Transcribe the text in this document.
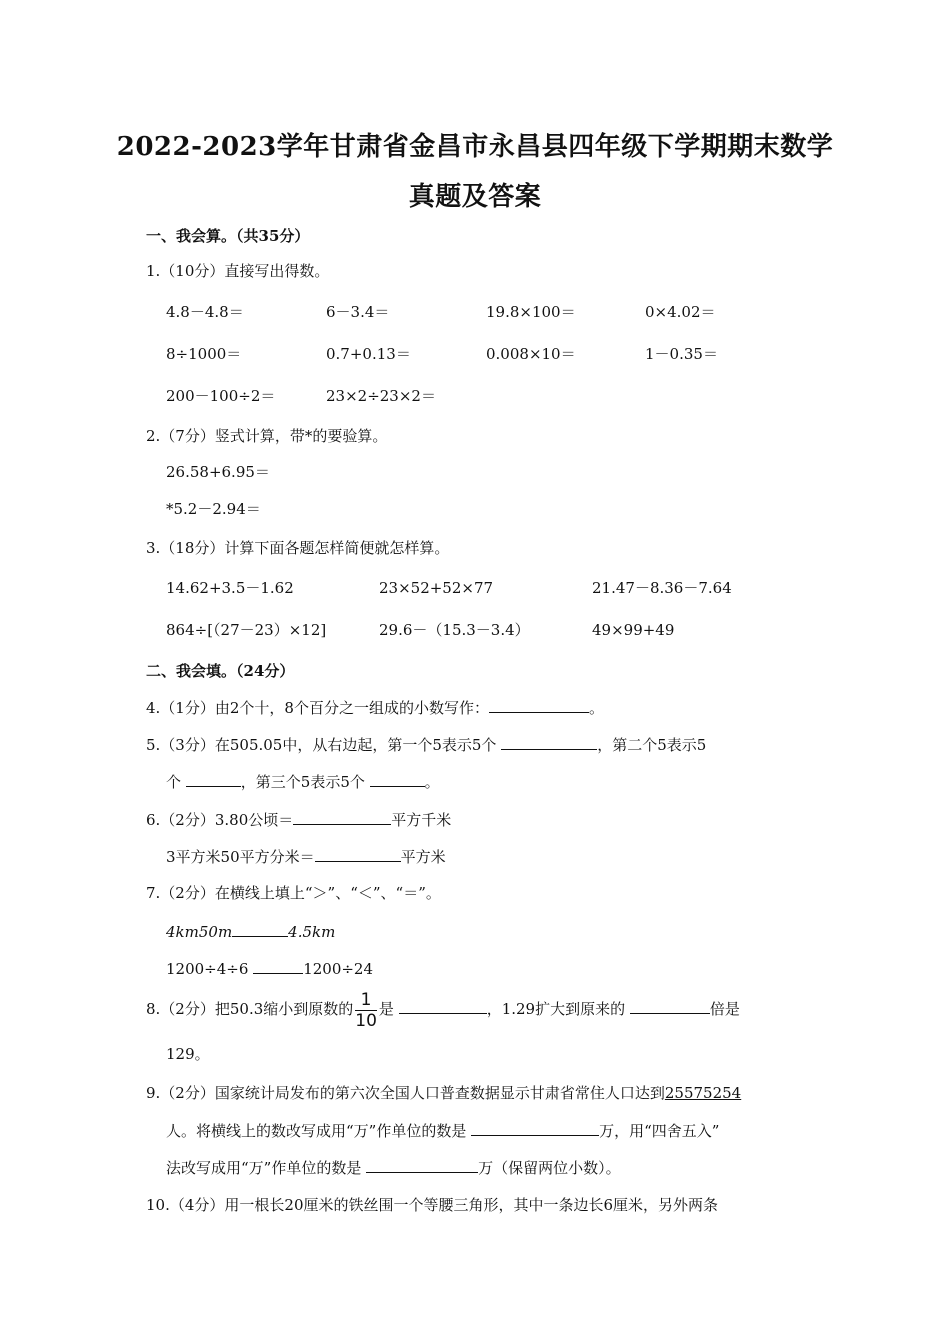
2022-2023学年甘肃省金昌市永昌县四年级下学期期末数学
真题及答案
一、我会算。（共35分）
1.（10分）直接写出得数。
4.8－4.8＝	6－3.4＝	19.8×100＝	0×4.02＝
8÷1000＝	0.7+0.13＝	0.008×10＝	1－0.35＝
200－100÷2＝	23×2÷23×2＝
2.（7分）竖式计算，带*的要验算。
26.58+6.95＝
*5.2－2.94＝
3.（18分）计算下面各题怎样简便就怎样算。
14.62+3.5－1.62	23×52+52×77	21.47－8.36－7.64
864÷[（27－23）×12]	29.6－（15.3－3.4）	49×99+49
二、我会填。（24分）
4.（1分）由2个十，8个百分之一组成的小数写作：	。
5.（3分）在505.05中，从右边起，第一个5表示5个	，第二个5表示5
个	，第三个5表示5个	。
6.（2分）3.80公顷＝	平方千米
3平方米50平方分米＝	平方米
7.（2分）在横线上填上“＞”、“＜”、“＝”。
4km50m	4.5km
1200÷4÷6	1200÷24
8.（2分）把50.3缩小到原数的 $\frac{1}{10}$ 是	，1.29扩大到原来的	倍是
129。
9.（2分）国家统计局发布的第六次全国人口普查数据显示甘肃省常住人口达到25575254
人。将横线上的数改写成用“万”作单位的数是	万，用“四舍五入”
法改写成用“万”作单位的数是	万（保留两位小数）。
10.（4分）用一根长20厘米的铁丝围一个等腰三角形，其中一条边长6厘米，另外两条
